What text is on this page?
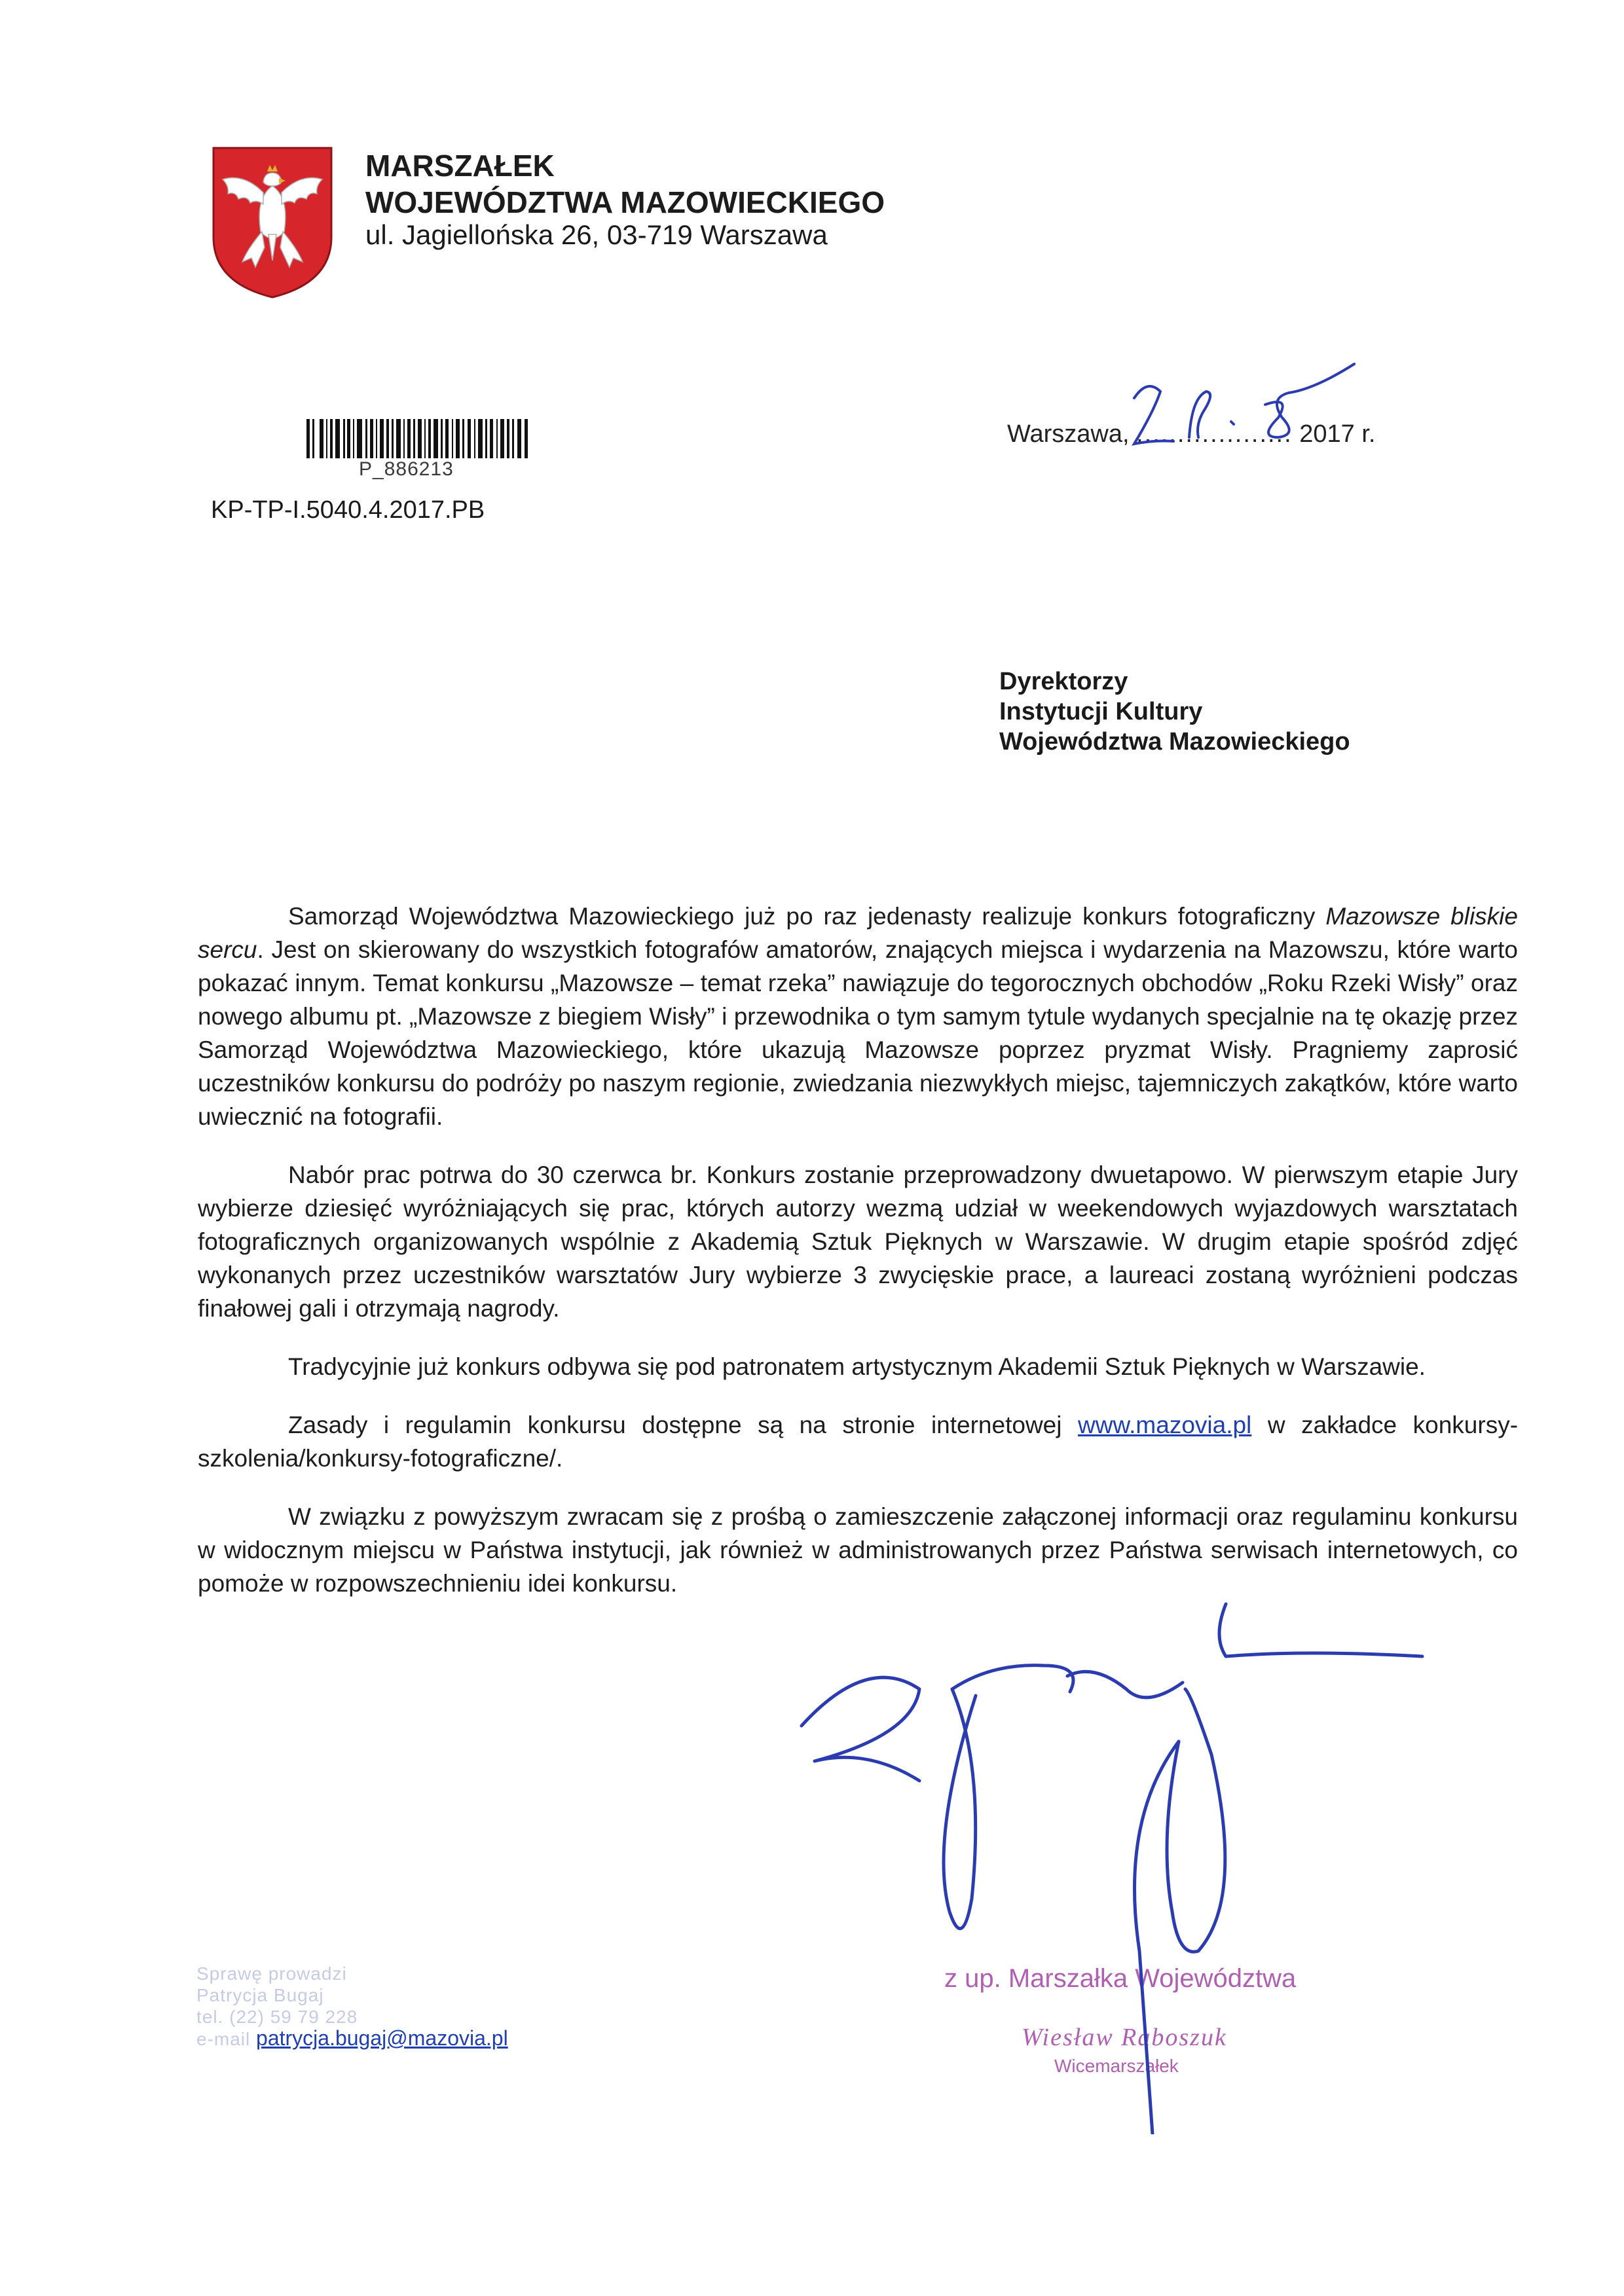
MARSZAŁEK
WOJEWÓDZTWA MAZOWIECKIEGO
ul. Jagiellońska 26, 03-719 Warszawa
P_886213
KP-TP-I.5040.4.2017.PB
Warszawa, ................... 2017 r.
Dyrektorzy
Instytucji Kultury
Województwa Mazowieckiego

Samorząd Województwa Mazowieckiego już po raz jedenasty realizuje konkurs fotograficzny Mazowsze bliskie sercu. Jest on skierowany do wszystkich fotografów amatorów, znających miejsca i wydarzenia na Mazowszu, które warto pokazać innym. Temat konkursu „Mazowsze – temat rzeka” nawiązuje do tegorocznych obchodów „Roku Rzeki Wisły” oraz nowego albumu pt. „Mazowsze z biegiem Wisły” i przewodnika o tym samym tytule wydanych specjalnie na tę okazję przez Samorząd Województwa Mazowieckiego, które ukazują Mazowsze poprzez pryzmat Wisły. Pragniemy zaprosić uczestników konkursu do podróży po naszym regionie, zwiedzania niezwykłych miejsc, tajemniczych zakątków, które warto uwiecznić na fotografii.

Nabór prac potrwa do 30 czerwca br. Konkurs zostanie przeprowadzony dwuetapowo. W pierwszym etapie Jury wybierze dziesięć wyróżniających się prac, których autorzy wezmą udział w weekendowych wyjazdowych warsztatach fotograficznych organizowanych wspólnie z Akademią Sztuk Pięknych w Warszawie. W drugim etapie spośród zdjęć wykonanych przez uczestników warsztatów Jury wybierze 3 zwycięskie prace, a laureaci zostaną wyróżnieni podczas finałowej gali i otrzymają nagrody.

Tradycyjnie już konkurs odbywa się pod patronatem artystycznym Akademii Sztuk Pięknych w Warszawie.

Zasady i regulamin konkursu dostępne są na stronie internetowej www.mazovia.pl w zakładce konkursy-szkolenia/konkursy-fotograficzne/.

W związku z powyższym zwracam się z prośbą o zamieszczenie załączonej informacji oraz regulaminu konkursu w widocznym miejscu w Państwa instytucji, jak również w administrowanych przez Państwa serwisach internetowych, co pomoże w rozpowszechnieniu idei konkursu.

z up. Marszałka Województwa
Wiesław Raboszuk
Wicemarszałek
Sprawę prowadzi
Patrycja Bugaj
tel. (22) 59 79 228
e-mail patrycja.bugaj@mazovia.pl
